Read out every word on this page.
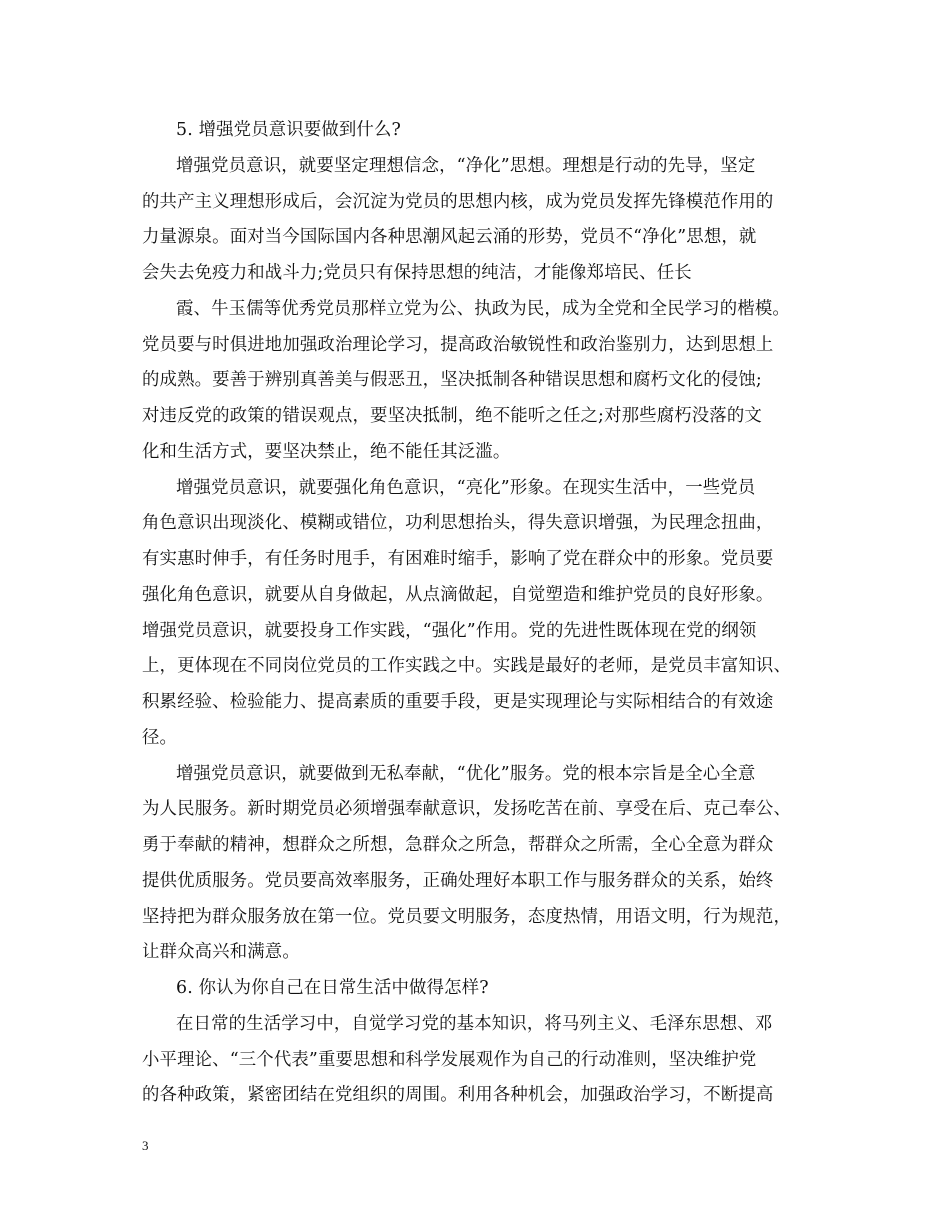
5. 增强党员意识要做到什么?
增强党员意识，就要坚定理想信念，“净化”思想。理想是行动的先导，坚定
的共产主义理想形成后，会沉淀为党员的思想内核，成为党员发挥先锋模范作用的
力量源泉。面对当今国际国内各种思潮风起云涌的形势，党员不“净化”思想，就
会失去免疫力和战斗力;党员只有保持思想的纯洁，才能像郑培民、任长
霞、牛玉儒等优秀党员那样立党为公、执政为民，成为全党和全民学习的楷模。
党员要与时俱进地加强政治理论学习，提高政治敏锐性和政治鉴别力，达到思想上
的成熟。要善于辨别真善美与假恶丑，坚决抵制各种错误思想和腐朽文化的侵蚀;
对违反党的政策的错误观点，要坚决抵制，绝不能听之任之;对那些腐朽没落的文
化和生活方式，要坚决禁止，绝不能任其泛滥。
增强党员意识，就要强化角色意识，“亮化”形象。在现实生活中，一些党员
角色意识出现淡化、模糊或错位，功利思想抬头，得失意识增强，为民理念扭曲，
有实惠时伸手，有任务时甩手，有困难时缩手，影响了党在群众中的形象。党员要
强化角色意识，就要从自身做起，从点滴做起，自觉塑造和维护党员的良好形象。
增强党员意识，就要投身工作实践，“强化”作用。党的先进性既体现在党的纲领
上，更体现在不同岗位党员的工作实践之中。实践是最好的老师，是党员丰富知识、
积累经验、检验能力、提高素质的重要手段，更是实现理论与实际相结合的有效途
径。
增强党员意识，就要做到无私奉献，“优化”服务。党的根本宗旨是全心全意
为人民服务。新时期党员必须增强奉献意识，发扬吃苦在前、享受在后、克己奉公、
勇于奉献的精神，想群众之所想，急群众之所急，帮群众之所需，全心全意为群众
提供优质服务。党员要高效率服务，正确处理好本职工作与服务群众的关系，始终
坚持把为群众服务放在第一位。党员要文明服务，态度热情，用语文明，行为规范，
让群众高兴和满意。
6. 你认为你自己在日常生活中做得怎样?
在日常的生活学习中，自觉学习党的基本知识，将马列主义、毛泽东思想、邓
小平理论、“三个代表”重要思想和科学发展观作为自己的行动准则，坚决维护党
的各种政策，紧密团结在党组织的周围。利用各种机会，加强政治学习，不断提高
3
